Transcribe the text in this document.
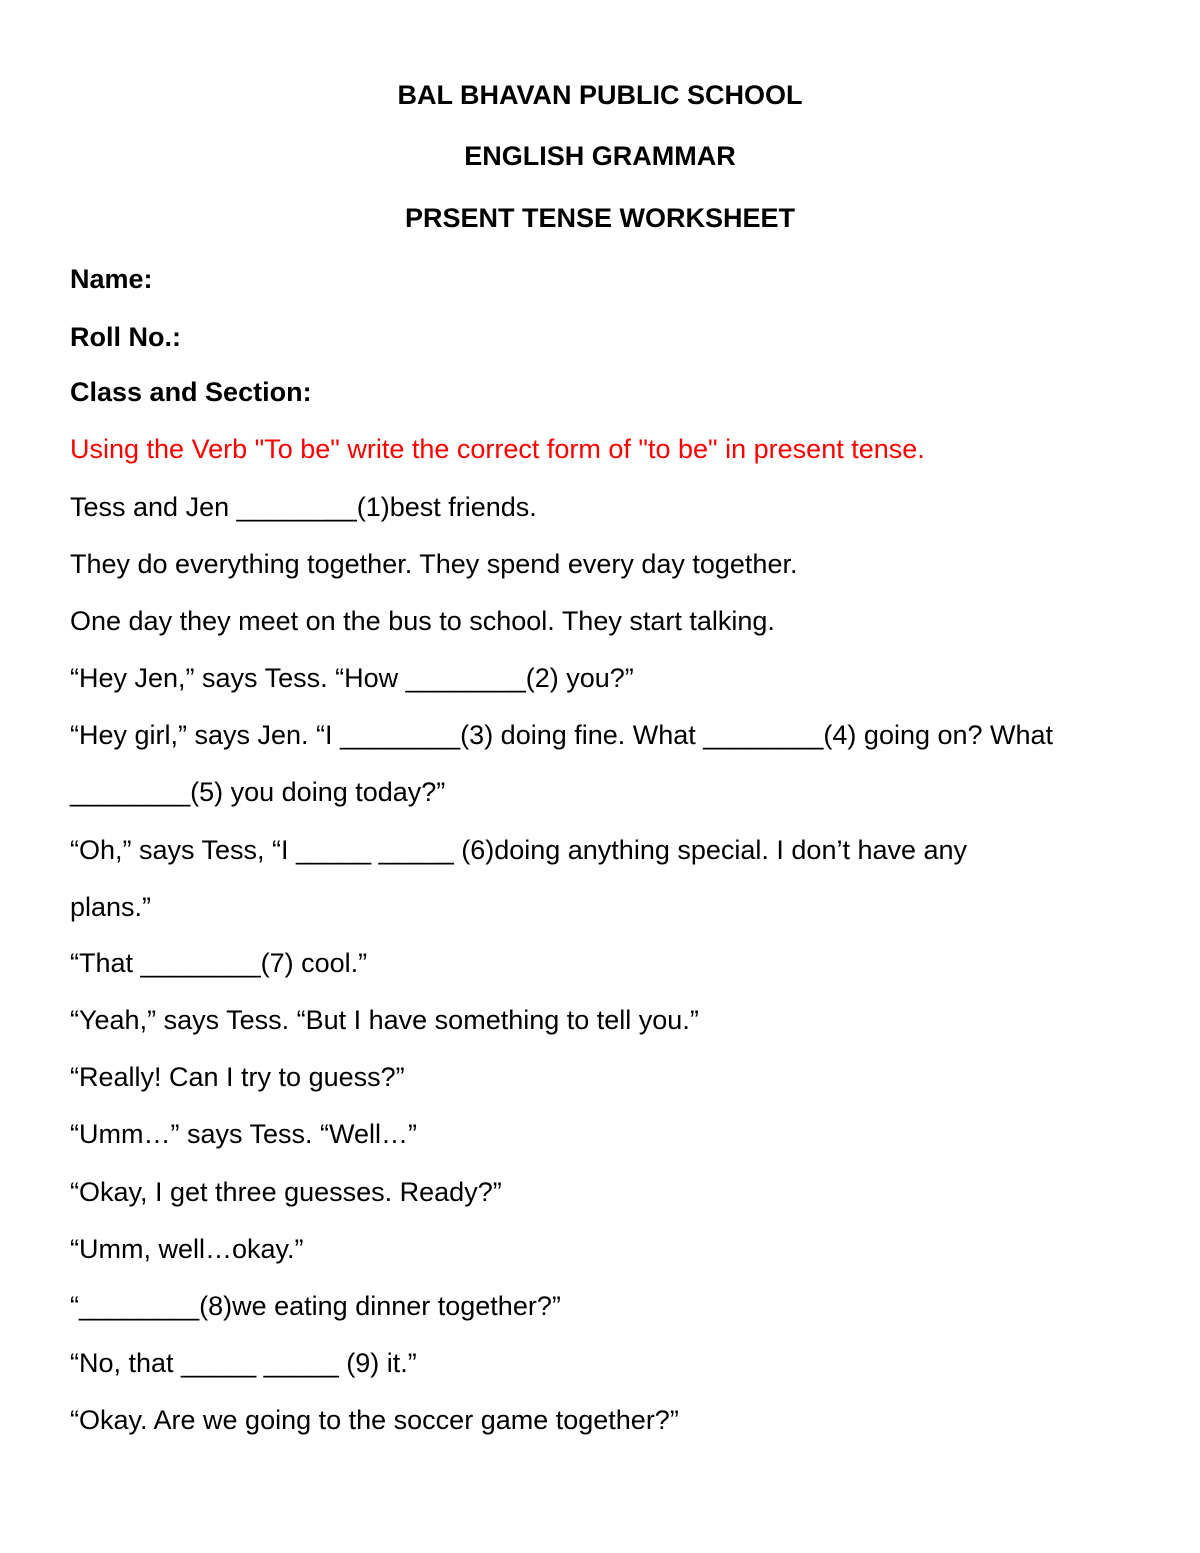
BAL BHAVAN PUBLIC SCHOOL
ENGLISH GRAMMAR
PRSENT TENSE WORKSHEET
Name:
Roll No.:
Class and Section:
Using the Verb "To be" write the correct form of "to be" in present tense.
Tess and Jen ________(1)best friends.
They do everything together. They spend every day together.
One day they meet on the bus to school. They start talking.
“Hey Jen,” says Tess. “How ________(2) you?”
“Hey girl,” says Jen. “I ________(3) doing fine. What ________(4) going on? What
________(5) you doing today?”
“Oh,” says Tess, “I _____ _____ (6)doing anything special. I don’t have any
plans.”
“That ________(7) cool.”
“Yeah,” says Tess. “But I have something to tell you.”
“Really! Can I try to guess?”
“Umm…” says Tess. “Well…”
“Okay, I get three guesses. Ready?”
“Umm, well…okay.”
“________(8)we eating dinner together?”
“No, that _____ _____ (9) it.”
“Okay. Are we going to the soccer game together?”
